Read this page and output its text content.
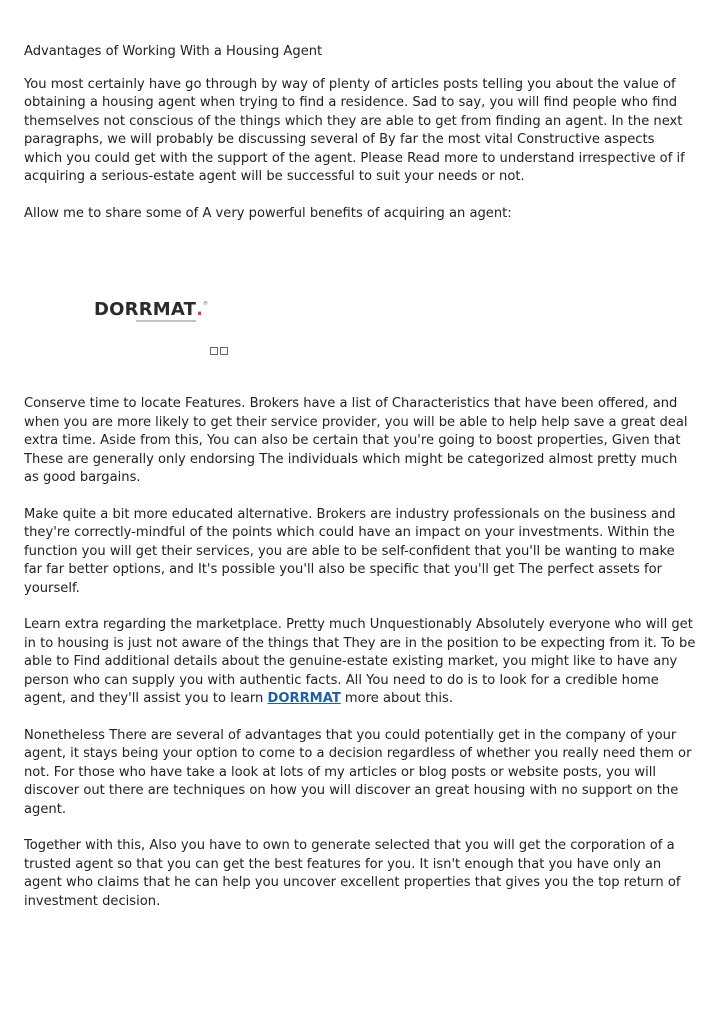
Advantages of Working With a Housing Agent

You most certainly have go through by way of plenty of articles posts telling you about the value of obtaining a housing agent when trying to find a residence. Sad to say, you will find people who find themselves not conscious of the things which they are able to get from finding an agent. In the next paragraphs, we will probably be discussing several of By far the most vital Constructive aspects which you could get with the support of the agent. Please Read more to understand irrespective of if acquiring a serious-estate agent will be successful to suit your needs or not.

Allow me to share some of A very powerful benefits of acquiring an agent:

DORRMAT.®

Conserve time to locate Features. Brokers have a list of Characteristics that have been offered, and when you are more likely to get their service provider, you will be able to help help save a great deal extra time. Aside from this, You can also be certain that you're going to boost properties, Given that These are generally only endorsing The individuals which might be categorized almost pretty much as good bargains.

Make quite a bit more educated alternative. Brokers are industry professionals on the business and they're correctly-mindful of the points which could have an impact on your investments. Within the function you will get their services, you are able to be self-confident that you'll be wanting to make far far better options, and It's possible you'll also be specific that you'll get The perfect assets for yourself.

Learn extra regarding the marketplace. Pretty much Unquestionably Absolutely everyone who will get in to housing is just not aware of the things that They are in the position to be expecting from it. To be able to Find additional details about the genuine-estate existing market, you might like to have any person who can supply you with authentic facts. All You need to do is to look for a credible home agent, and they'll assist you to learn DORRMAT more about this.

Nonetheless There are several of advantages that you could potentially get in the company of your agent, it stays being your option to come to a decision regardless of whether you really need them or not. For those who have take a look at lots of my articles or blog posts or website posts, you will discover out there are techniques on how you will discover an great housing with no support on the agent.

Together with this, Also you have to own to generate selected that you will get the corporation of a trusted agent so that you can get the best features for you. It isn't enough that you have only an agent who claims that he can help you uncover excellent properties that gives you the top return of investment decision.
